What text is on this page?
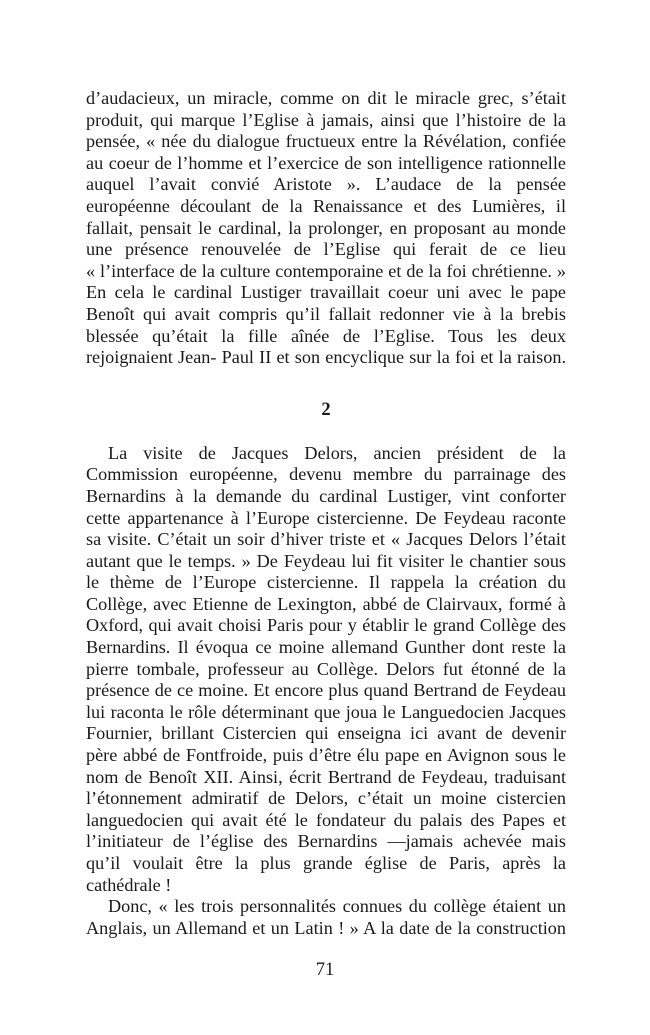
d’audacieux, un miracle, comme on dit le miracle grec, s’était
produit, qui marque l’Eglise à jamais, ainsi que l’histoire de la
pensée, « née du dialogue fructueux entre la Révélation, confiée
au coeur de l’homme et l’exercice de son intelligence rationnelle
auquel l’avait convié Aristote ». L’audace de la pensée
européenne découlant de la Renaissance et des Lumières, il
fallait, pensait le cardinal, la prolonger, en proposant au monde
une présence renouvelée de l’Eglise qui ferait de ce lieu
« l’interface de la culture contemporaine et de la foi chrétienne. »
En cela le cardinal Lustiger travaillait coeur uni avec le pape
Benoît qui avait compris qu’il fallait redonner vie à la brebis
blessée qu’était la fille aînée de l’Eglise. Tous les deux
rejoignaient Jean- Paul II et son encyclique sur la foi et la raison.
2
La visite de Jacques Delors, ancien président de la
Commission européenne, devenu membre du parrainage des
Bernardins à la demande du cardinal Lustiger, vint conforter
cette appartenance à l’Europe cistercienne. De Feydeau raconte
sa visite. C’était un soir d’hiver triste et « Jacques Delors l’était
autant que le temps. » De Feydeau lui fit visiter le chantier sous
le thème de l’Europe cistercienne. Il rappela la création du
Collège, avec Etienne de Lexington, abbé de Clairvaux, formé à
Oxford, qui avait choisi Paris pour y établir le grand Collège des
Bernardins. Il évoqua ce moine allemand Gunther dont reste la
pierre tombale, professeur au Collège. Delors fut étonné de la
présence de ce moine. Et encore plus quand Bertrand de Feydeau
lui raconta le rôle déterminant que joua le Languedocien Jacques
Fournier, brillant Cistercien qui enseigna ici avant de devenir
père abbé de Fontfroide, puis d’être élu pape en Avignon sous le
nom de Benoît XII. Ainsi, écrit Bertrand de Feydeau, traduisant
l’étonnement admiratif de Delors, c’était un moine cistercien
languedocien qui avait été le fondateur du palais des Papes et
l’initiateur de l’église des Bernardins —jamais achevée mais
qu’il voulait être la plus grande église de Paris, après la
cathédrale !
Donc, « les trois personnalités connues du collège étaient un
Anglais, un Allemand et un Latin ! » A la date de la construction
71
